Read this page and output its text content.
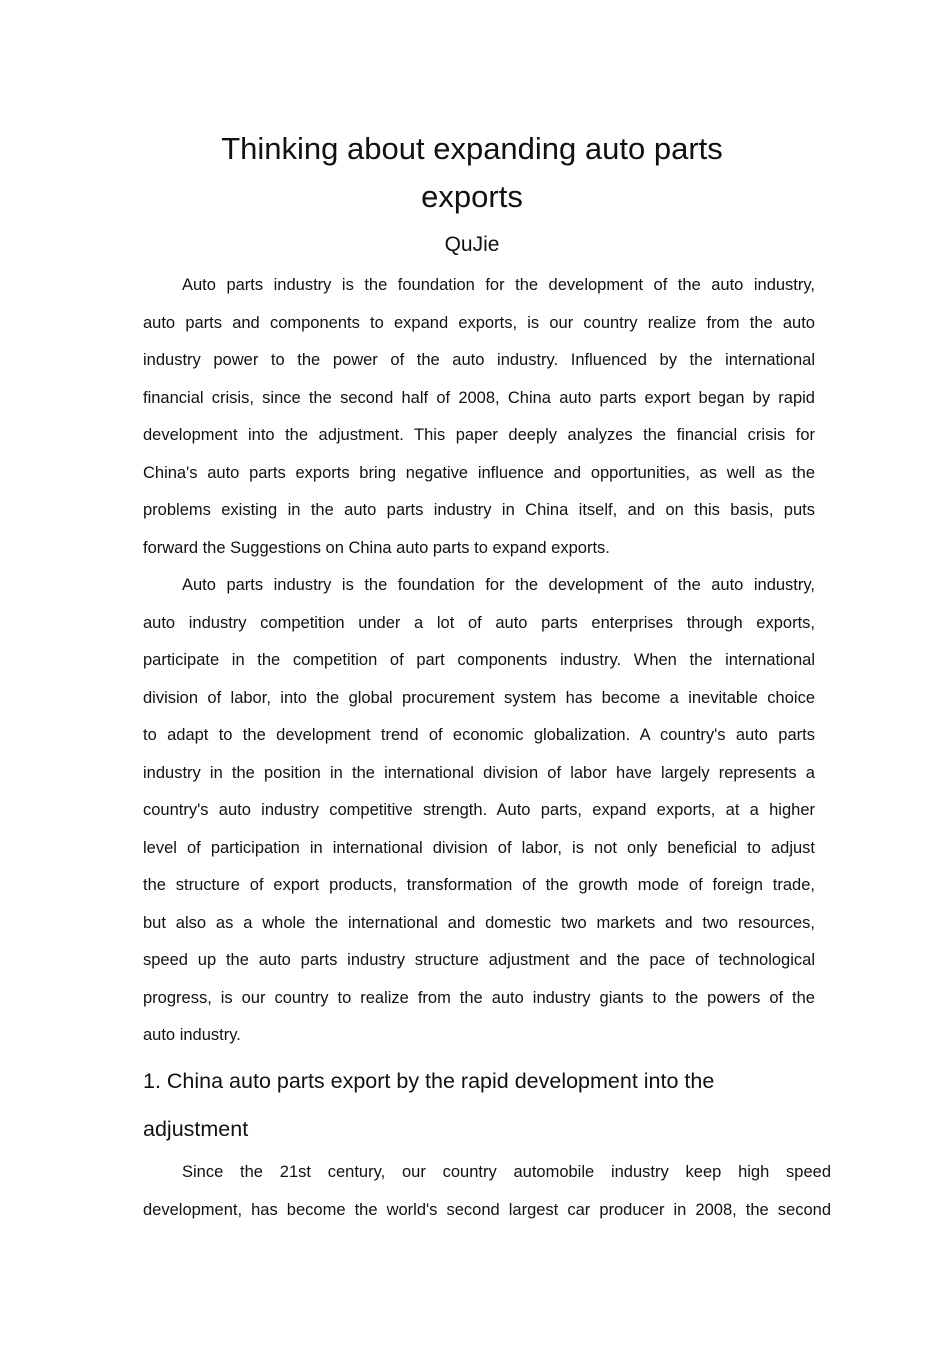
Thinking about expanding auto parts
exports
QuJie
Auto parts industry is the foundation for the development of the auto industry,
auto parts and components to expand exports, is our country realize from the auto
industry power to the power of the auto industry. Influenced by the international
financial crisis, since the second half of 2008, China auto parts export began by rapid
development into the adjustment. This paper deeply analyzes the financial crisis for
China's auto parts exports bring negative influence and opportunities, as well as the
problems existing in the auto parts industry in China itself, and on this basis, puts
forward the Suggestions on China auto parts to expand exports.
Auto parts industry is the foundation for the development of the auto industry,
auto industry competition under a lot of auto parts enterprises through exports,
participate in the competition of part components industry. When the international
division of labor, into the global procurement system has become a inevitable choice
to adapt to the development trend of economic globalization. A country's auto parts
industry in the position in the international division of labor have largely represents a
country's auto industry competitive strength. Auto parts, expand exports, at a higher
level of participation in international division of labor, is not only beneficial to adjust
the structure of export products, transformation of the growth mode of foreign trade,
but also as a whole the international and domestic two markets and two resources,
speed up the auto parts industry structure adjustment and the pace of technological
progress, is our country to realize from the auto industry giants to the powers of the
auto industry.
1. China auto parts export by the rapid development into the
adjustment
Since the 21st century, our country automobile industry keep high speed
development, has become the world's second largest car producer in 2008, the second
